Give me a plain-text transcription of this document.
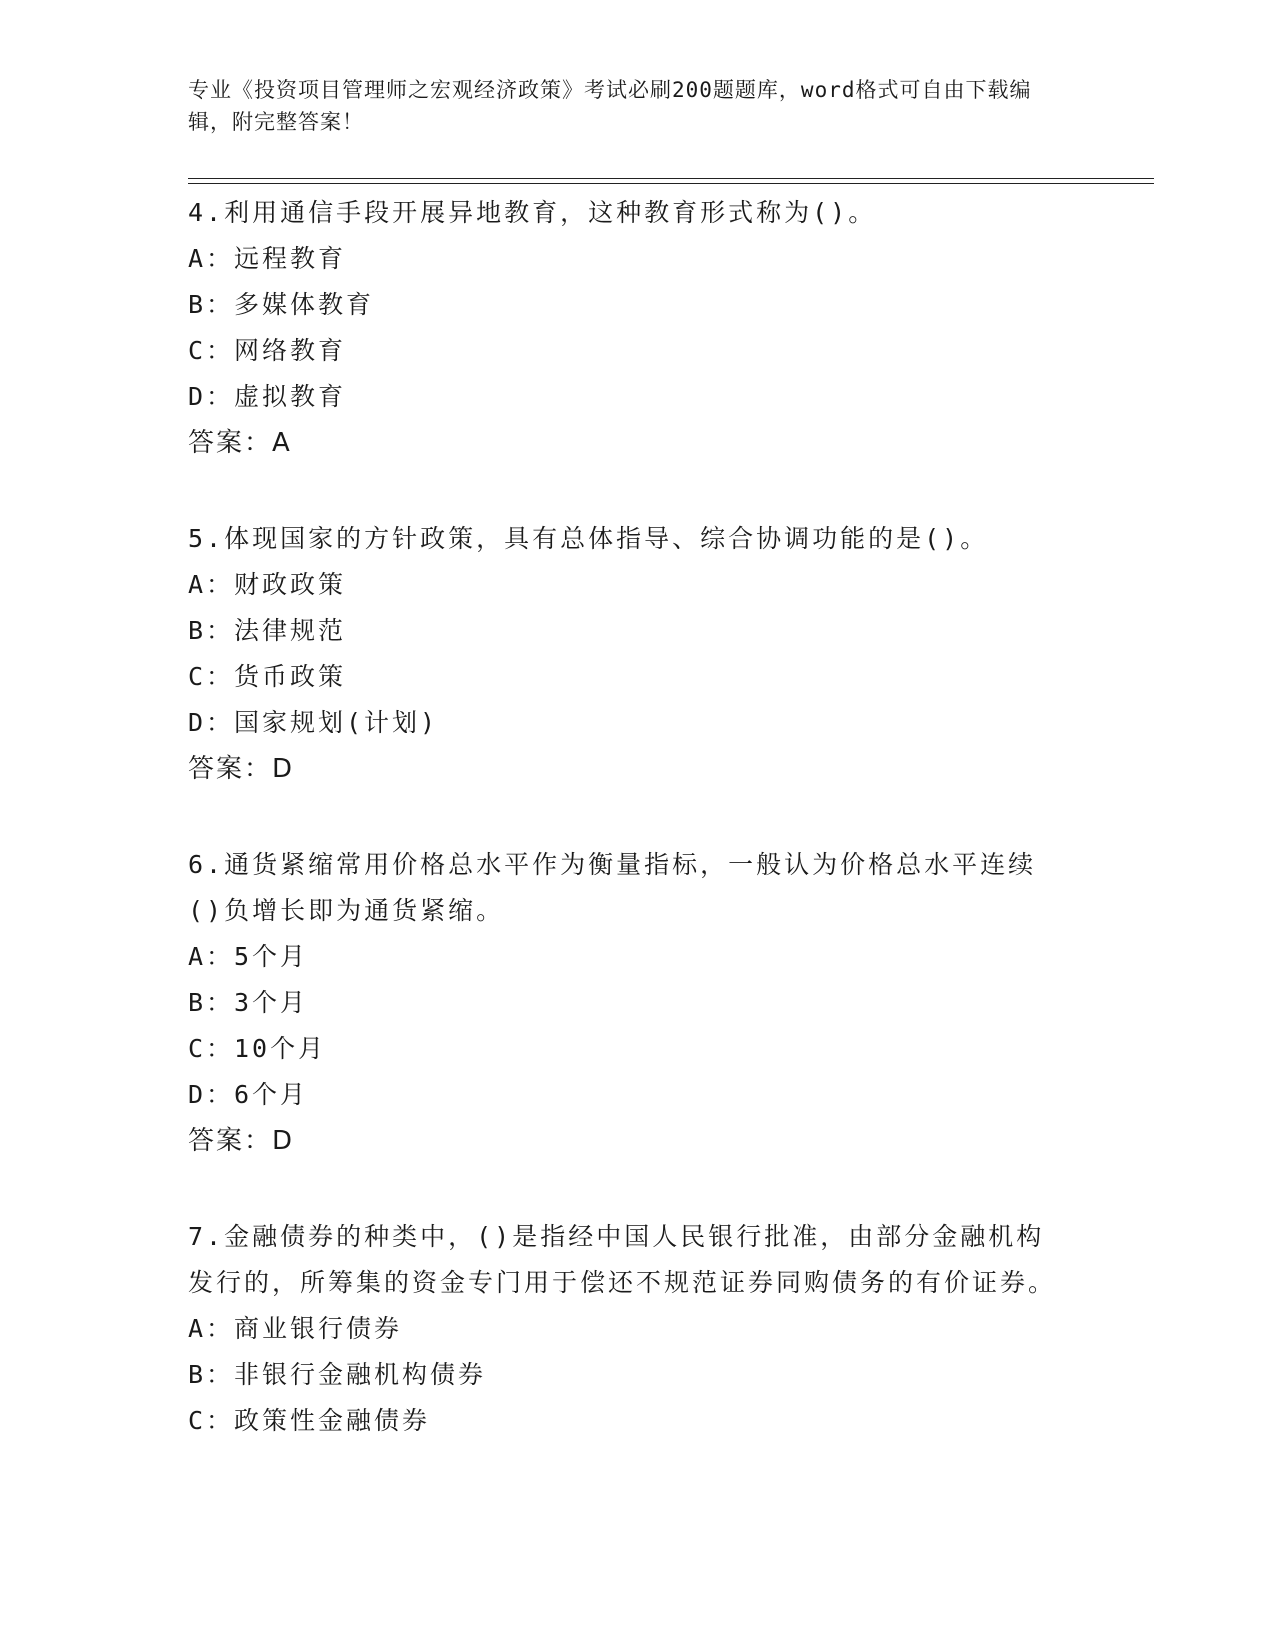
专业《投资项目管理师之宏观经济政策》考试必刷200题题库，word格式可自由下载编辑，附完整答案！
4.利用通信手段开展异地教育，这种教育形式称为()。
A：远程教育
B：多媒体教育
C：网络教育
D：虚拟教育
答案：A
5.体现国家的方针政策，具有总体指导、综合协调功能的是()。
A：财政政策
B：法律规范
C：货币政策
D：国家规划(计划)
答案：D
6.通货紧缩常用价格总水平作为衡量指标，一般认为价格总水平连续()负增长即为通货紧缩。
A：5个月
B：3个月
C：10个月
D：6个月
答案：D
7.金融债券的种类中，()是指经中国人民银行批准，由部分金融机构发行的，所筹集的资金专门用于偿还不规范证券同购债务的有价证券。
A：商业银行债券
B：非银行金融机构债券
C：政策性金融债券
